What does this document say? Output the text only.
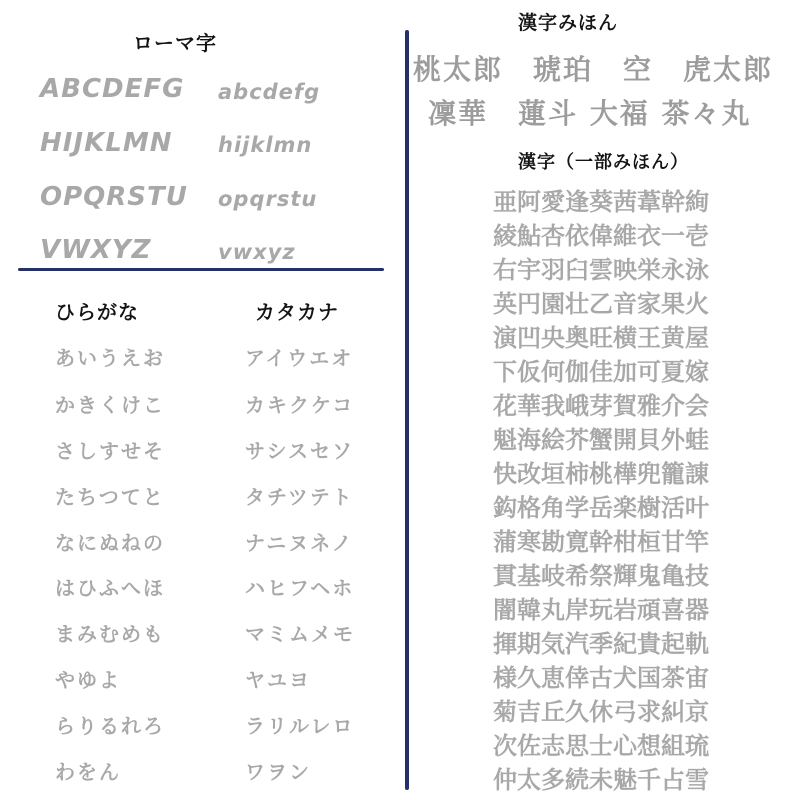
ローマ字
ABCDEFG
HIJKLMN
OPQRSTU
VWXYZ
abcdefg
hijklmn
opqrstu
vwxyz
ひらがな
あいうえお
かきくけこ
さしすせそ
たちつてと
なにぬねの
はひふへほ
まみむめも
やゆよ
らりるれろ
わをん
カタカナ
アイウエオ
カキクケコ
サシスセソ
タチツテト
ナニヌネノ
ハヒフヘホ
マミムメモ
ヤユヨ
ラリルレロ
ワヲン
漢字みほん
桃太郎　琥珀　空　虎太郎
凜華　蓮斗 大福 茶々丸
漢字（一部みほん）
亜阿愛逢葵茜葦幹絢
綾鮎杏依偉維衣一壱
右宇羽臼雲映栄永泳
英円園壮乙音家果火
演凹央奥旺横王黄屋
下仮何伽佳加可夏嫁
花華我峨芽賀雅介会
魁海絵芥蟹開貝外蛙
快改垣柿桃樺兜籠諌
鈎格角学岳楽樹活叶
蒲寒勘寛幹柑桓甘竿
貫基岐希祭輝鬼亀技
闇韓丸岸玩岩頑喜器
揮期気汽季紀貴起軌
様久恵倖古犬国茶宙
菊吉丘久休弓求糾京
次佐志思士心想組琉
仲太多続未魅千占雪
